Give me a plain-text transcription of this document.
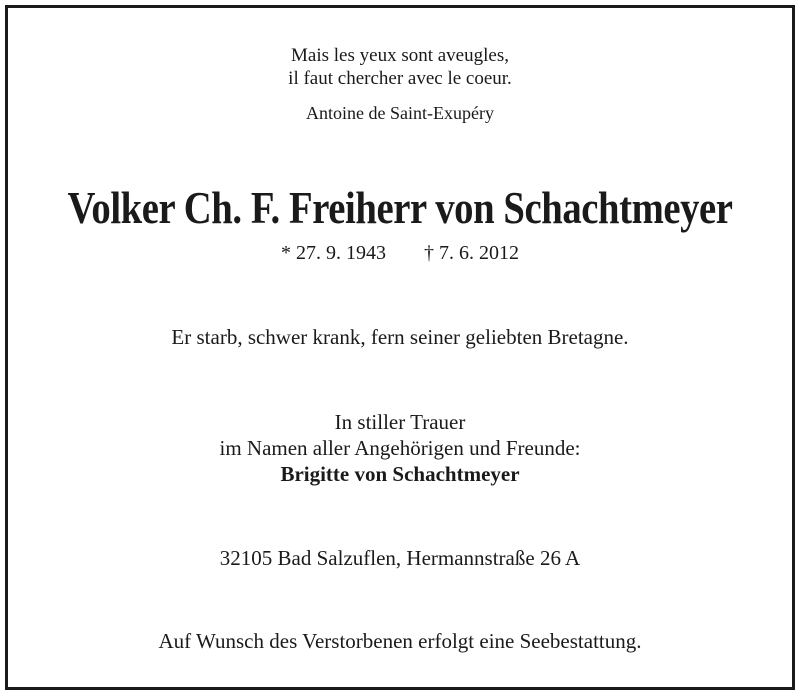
Mais les yeux sont aveugles,
il faut chercher avec le coeur.
Antoine de Saint-Exupéry
Volker Ch. F. Freiherr von Schachtmeyer
* 27. 9. 1943 † 7. 6. 2012
Er starb, schwer krank, fern seiner geliebten Bretagne.
In stiller Trauer
im Namen aller Angehörigen und Freunde:
Brigitte von Schachtmeyer
32105 Bad Salzuflen, Hermannstraße 26 A
Auf Wunsch des Verstorbenen erfolgt eine Seebestattung.
